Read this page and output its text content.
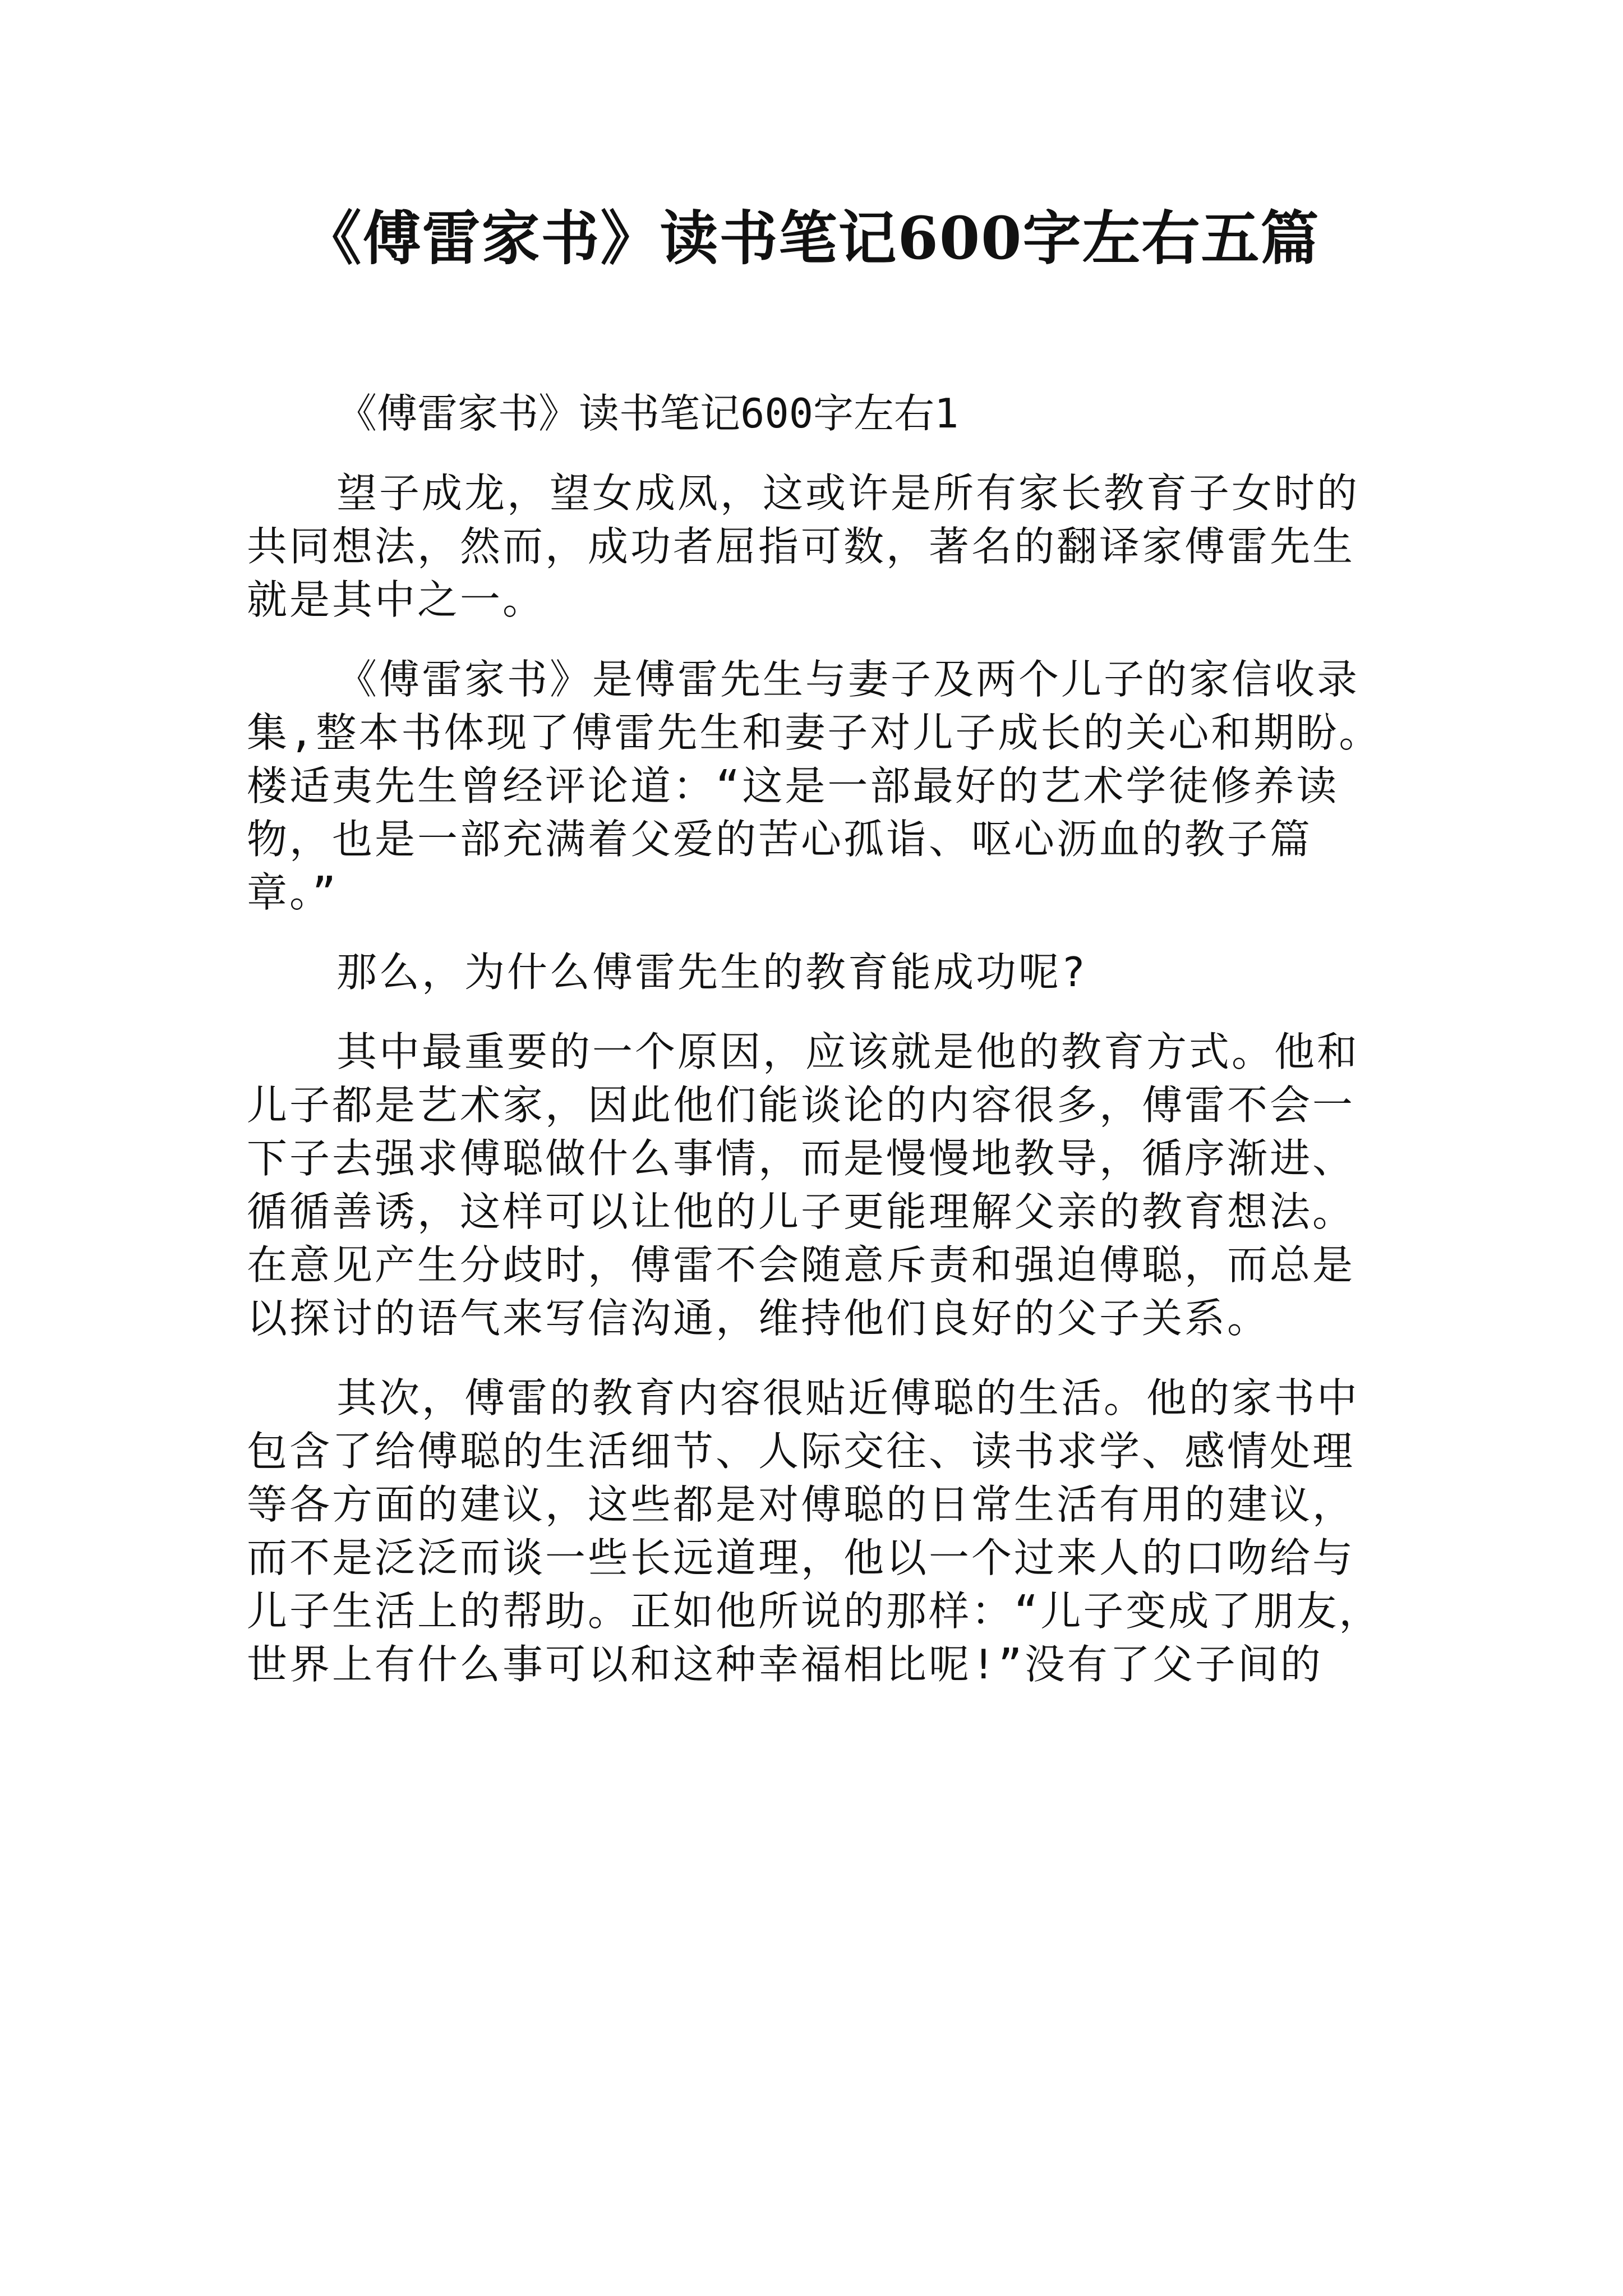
《傅雷家书》读书笔记600字左右五篇

《傅雷家书》读书笔记600字左右1

望子成龙，望女成凤，这或许是所有家长教育子女时的
共同想法，然而，成功者屈指可数，著名的翻译家傅雷先生
就是其中之一。

《傅雷家书》是傅雷先生与妻子及两个儿子的家信收录
集,整本书体现了傅雷先生和妻子对儿子成长的关心和期盼。
楼适夷先生曾经评论道：“这是一部最好的艺术学徒修养读
物，也是一部充满着父爱的苦心孤诣、呕心沥血的教子篇
章。”

那么，为什么傅雷先生的教育能成功呢?

其中最重要的一个原因，应该就是他的教育方式。他和
儿子都是艺术家，因此他们能谈论的内容很多，傅雷不会一
下子去强求傅聪做什么事情，而是慢慢地教导，循序渐进、
循循善诱，这样可以让他的儿子更能理解父亲的教育想法。
在意见产生分歧时，傅雷不会随意斥责和强迫傅聪，而总是
以探讨的语气来写信沟通，维持他们良好的父子关系。

其次，傅雷的教育内容很贴近傅聪的生活。他的家书中
包含了给傅聪的生活细节、人际交往、读书求学、感情处理
等各方面的建议，这些都是对傅聪的日常生活有用的建议，
而不是泛泛而谈一些长远道理，他以一个过来人的口吻给与
儿子生活上的帮助。正如他所说的那样：“儿子变成了朋友，
世界上有什么事可以和这种幸福相比呢!”没有了父子间的
